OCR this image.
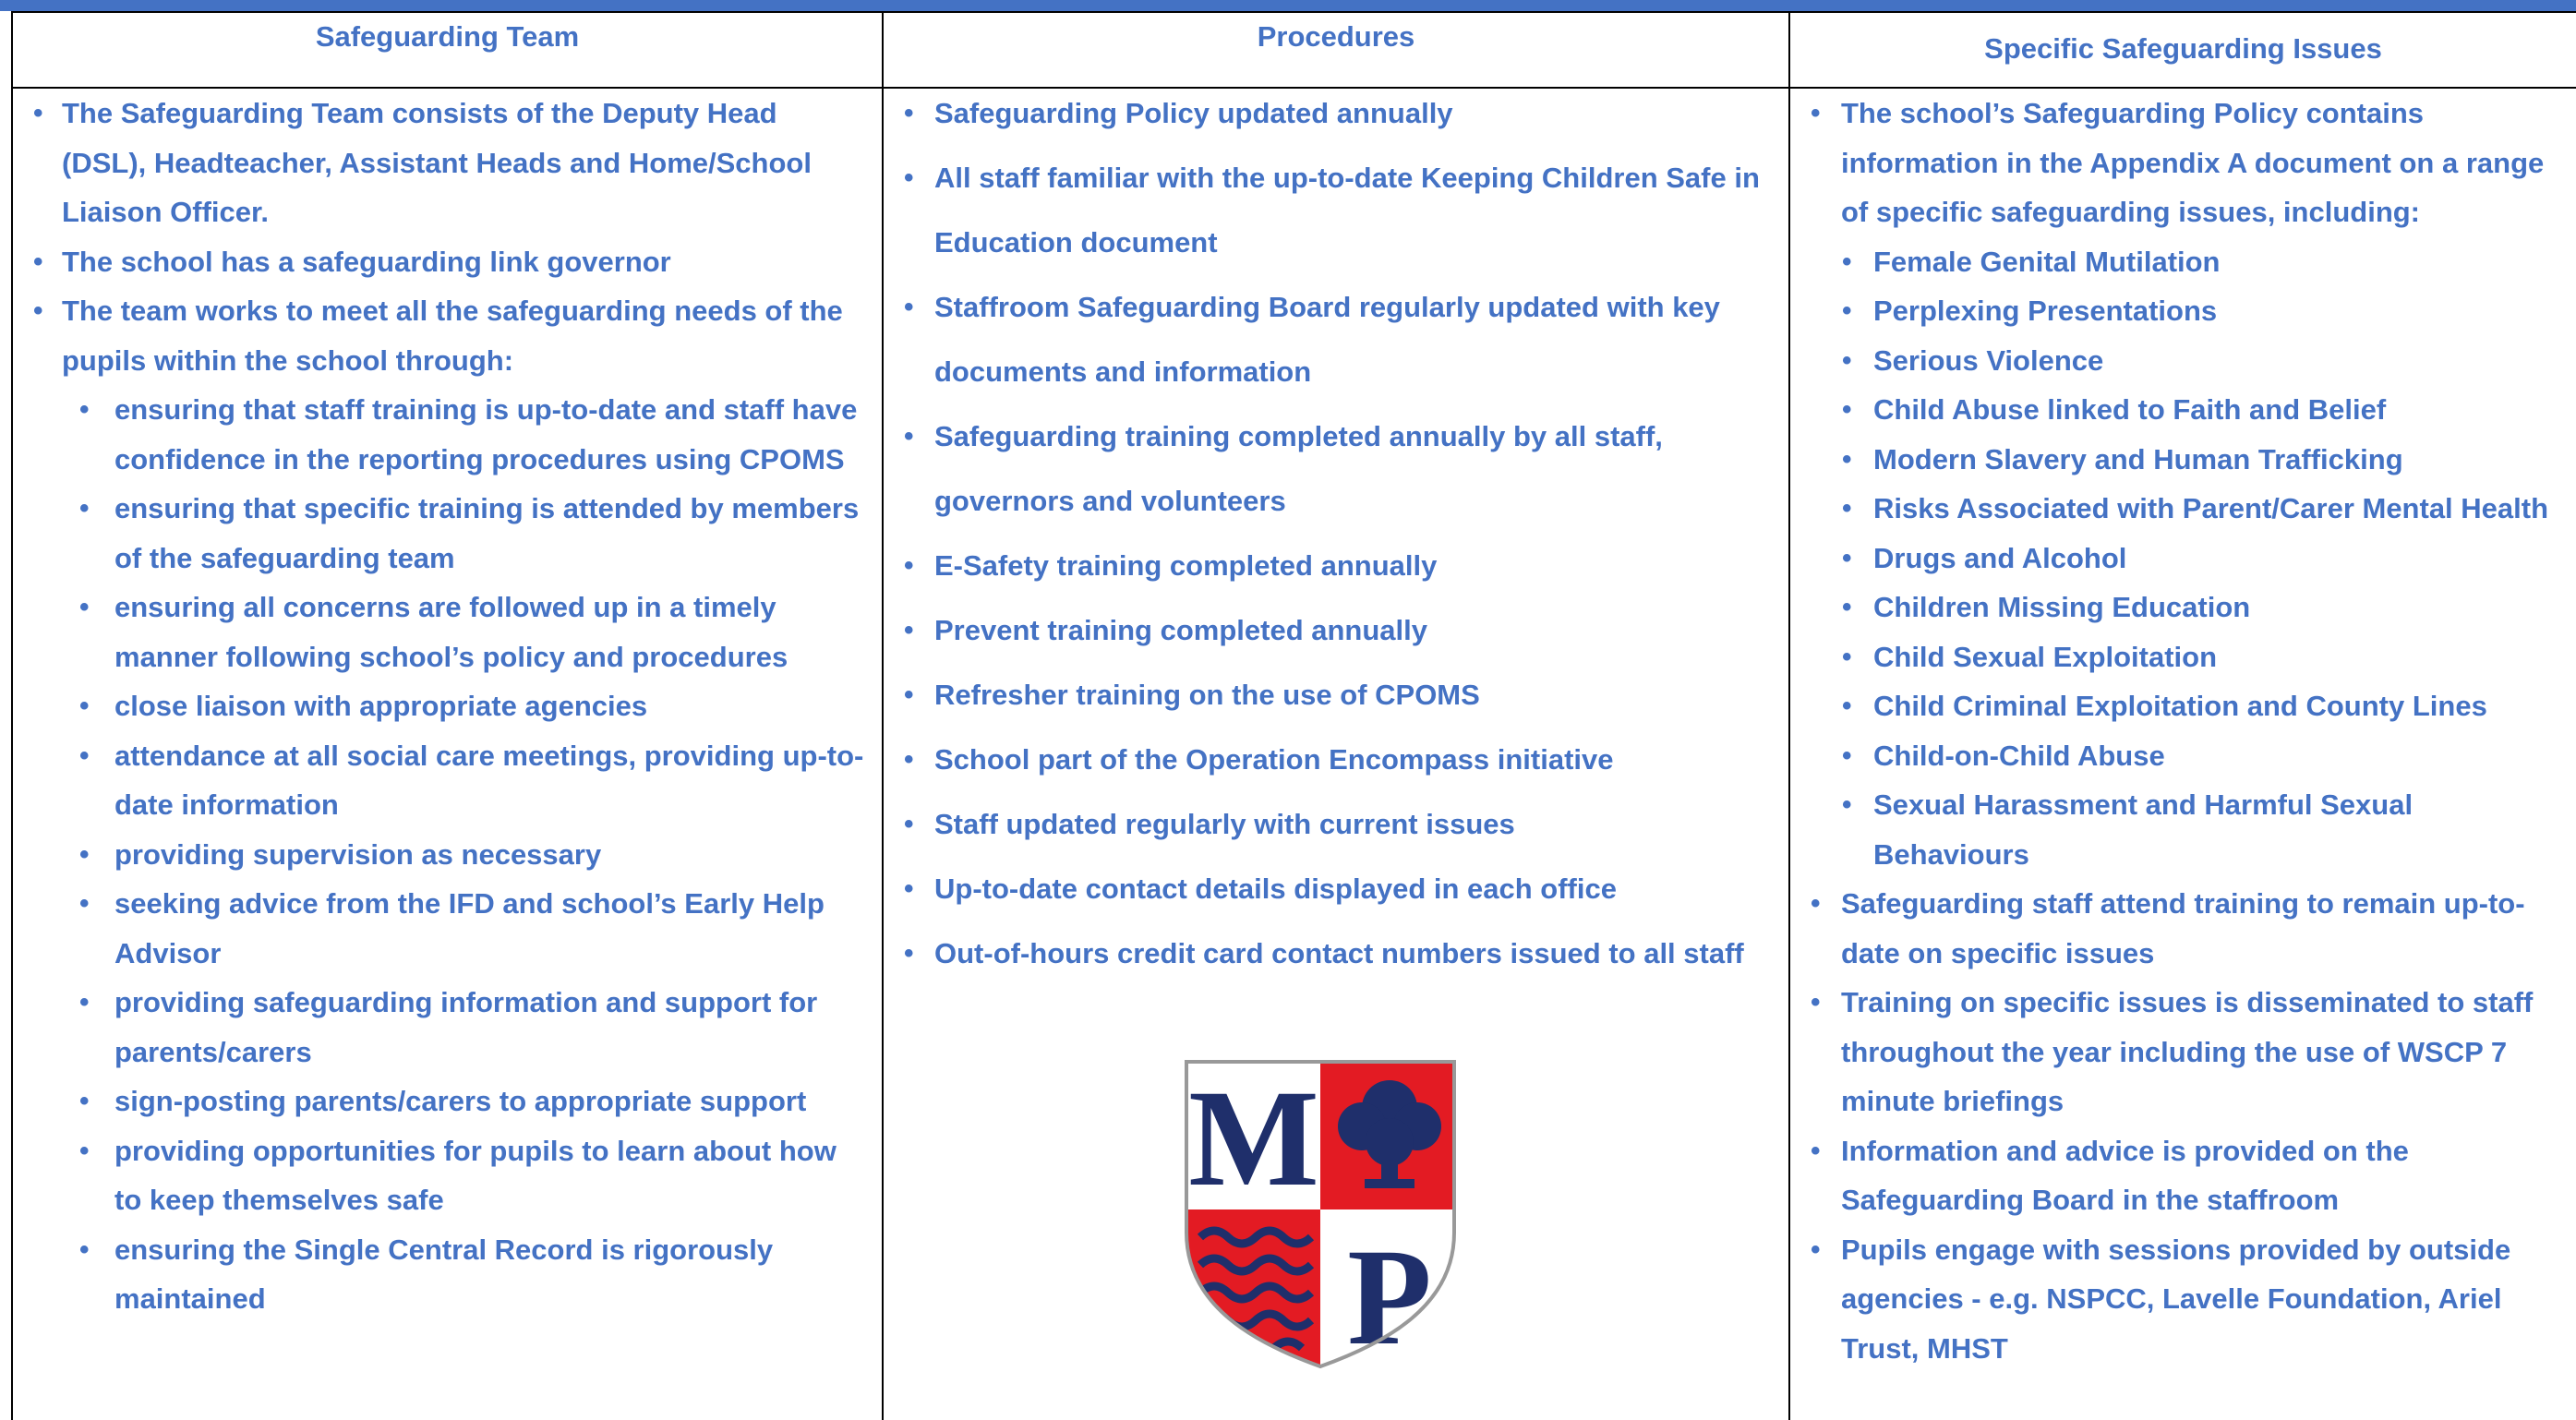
Safeguarding Team	Procedures	Specific Safeguarding Issues
• The Safeguarding Team consists of the Deputy Head (DSL), Headteacher, Assistant Heads and Home/School Liaison Officer.
• The school has a safeguarding link governor
• The team works to meet all the safeguarding needs of the pupils within the school through:
• ensuring that staff training is up-to-date and staff have confidence in the reporting procedures using CPOMS
• ensuring that specific training is attended by members of the safeguarding team
• ensuring all concerns are followed up in a timely manner following school’s policy and procedures
• close liaison with appropriate agencies
• attendance at all social care meetings, providing up-to-date information
• providing supervision as necessary
• seeking advice from the IFD and school’s Early Help Advisor
• providing safeguarding information and support for parents/carers
• sign-posting parents/carers to appropriate support
• providing opportunities for pupils to learn about how to keep themselves safe
• ensuring the Single Central Record is rigorously maintained
• Safeguarding Policy updated annually
• All staff familiar with the up-to-date Keeping Children Safe in Education document
• Staffroom Safeguarding Board regularly updated with key documents and information
• Safeguarding training completed annually by all staff, governors and volunteers
• E-Safety training completed annually
• Prevent training completed annually
• Refresher training on the use of CPOMS
• School part of the Operation Encompass initiative
• Staff updated regularly with current issues
• Up-to-date contact details displayed in each office
• Out-of-hours credit card contact numbers issued to all staff
M
P
• The school’s Safeguarding Policy contains information in the Appendix A document on a range of specific safeguarding issues, including:
• Female Genital Mutilation
• Perplexing Presentations
• Serious Violence
• Child Abuse linked to Faith and Belief
• Modern Slavery and Human Trafficking
• Risks Associated with Parent/Carer Mental Health
• Drugs and Alcohol
• Children Missing Education
• Child Sexual Exploitation
• Child Criminal Exploitation and County Lines
• Child-on-Child Abuse
• Sexual Harassment and Harmful Sexual Behaviours
• Safeguarding staff attend training to remain up-to-date on specific issues
• Training on specific issues is disseminated to staff throughout the year including the use of WSCP 7 minute briefings
• Information and advice is provided on the Safeguarding Board in the staffroom
• Pupils engage with sessions provided by outside agencies - e.g. NSPCC, Lavelle Foundation, Ariel Trust, MHST
